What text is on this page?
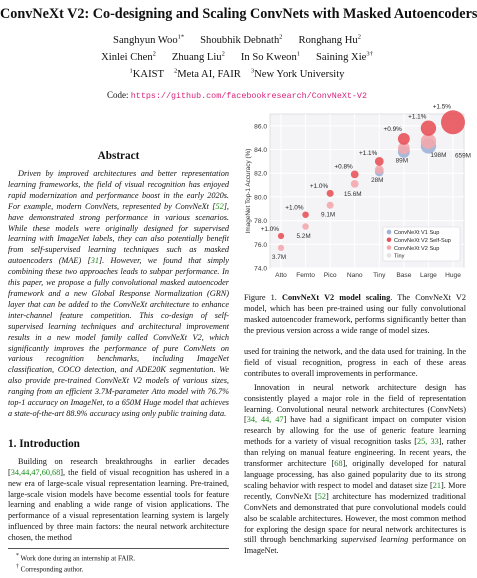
ConvNeXt V2: Co-designing and Scaling ConvNets with Masked Autoencoders
Sanghyun Woo$^{1*}$ Shoubhik Debnath$^2$ Ronghang Hu$^2$
Xinlei Chen$^2$ Zhuang Liu$^2$ In So Kweon$^1$ Saining Xie$^{3\dagger}$
$^1$KAIST $^2$Meta AI, FAIR $^3$New York University
Code: https://github.com/facebookresearch/ConvNeXt-V2
Abstract

Driven by improved architectures and better representation learning frameworks, the field of visual recognition has enjoyed rapid modernization and performance boost in the early 2020s. For example, modern ConvNets, represented by ConvNeXt [52], have demonstrated strong performance in various scenarios. While these models were originally designed for supervised learning with ImageNet labels, they can also potentially benefit from self-supervised learning techniques such as masked autoencoders (MAE) [31]. However, we found that simply combining these two approaches leads to subpar performance. In this paper, we propose a fully convolutional masked autoencoder framework and a new Global Response Normalization (GRN) layer that can be added to the ConvNeXt architecture to enhance inter-channel feature competition. This co-design of self-supervised learning techniques and architectural improvement results in a new model family called ConvNeXt V2, which significantly improves the performance of pure ConvNets on various recognition benchmarks, including ImageNet classification, COCO detection, and ADE20K segmentation. We also provide pre-trained ConvNeXt V2 models of various sizes, ranging from an efficient 3.7M-parameter Atto model with 76.7% top-1 accuracy on ImageNet, to a 650M Huge model that achieves a state-of-the-art 88.9% accuracy using only public training data.

1. Introduction

Building on research breakthroughs in earlier decades [34,44,47,60,68], the field of visual recognition has ushered in a new era of large-scale visual representation learning. Pre-trained, large-scale vision models have become essential tools for feature learning and enabling a wide range of vision applications. The performance of a visual representation learning system is largely influenced by three main factors: the neural network architecture chosen, the method

* Work done during an internship at FAIR.
† Corresponding author.
74.0
76.0
78.0
80.0
82.0
84.0
86.0
Atto Femto Pico Nano Tiny Base Large Huge
ImageNet Top-1 Accuracy (%) +1.0%
+1.0%
+1.0%
+0.8%
+1.1%
+0.9%
+1.1%
+1.5%
3.7M
5.2M
9.1M
15.6M
28M
89M
198M 659M
ConvNeXt V1 Sup
ConvNeXt V2 Self-Sup
ConvNeXt V2 Sup
Tiny

Figure 1. ConvNeXt V2 model scaling. The ConvNeXt V2 model, which has been pre-trained using our fully convolutional masked autoencoder framework, performs significantly better than the previous version across a wide range of model sizes.

used for training the network, and the data used for training. In the field of visual recognition, progress in each of these areas contributes to overall improvements in performance.

Innovation in neural network architecture design has consistently played a major role in the field of representation learning. Convolutional neural network architectures (ConvNets) [34, 44, 47] have had a significant impact on computer vision research by allowing for the use of generic feature learning methods for a variety of visual recognition tasks [25, 33], rather than relying on manual feature engineering. In recent years, the transformer architecture [68], originally developed for natural language processing, has also gained popularity due to its strong scaling behavior with respect to model and dataset size [21]. More recently, ConvNeXt [52] architecture has modernized traditional ConvNets and demonstrated that pure convolutional models could also be scalable architectures. However, the most common method for exploring the design space for neural network architectures is still through benchmarking supervised learning performance on ImageNet.
